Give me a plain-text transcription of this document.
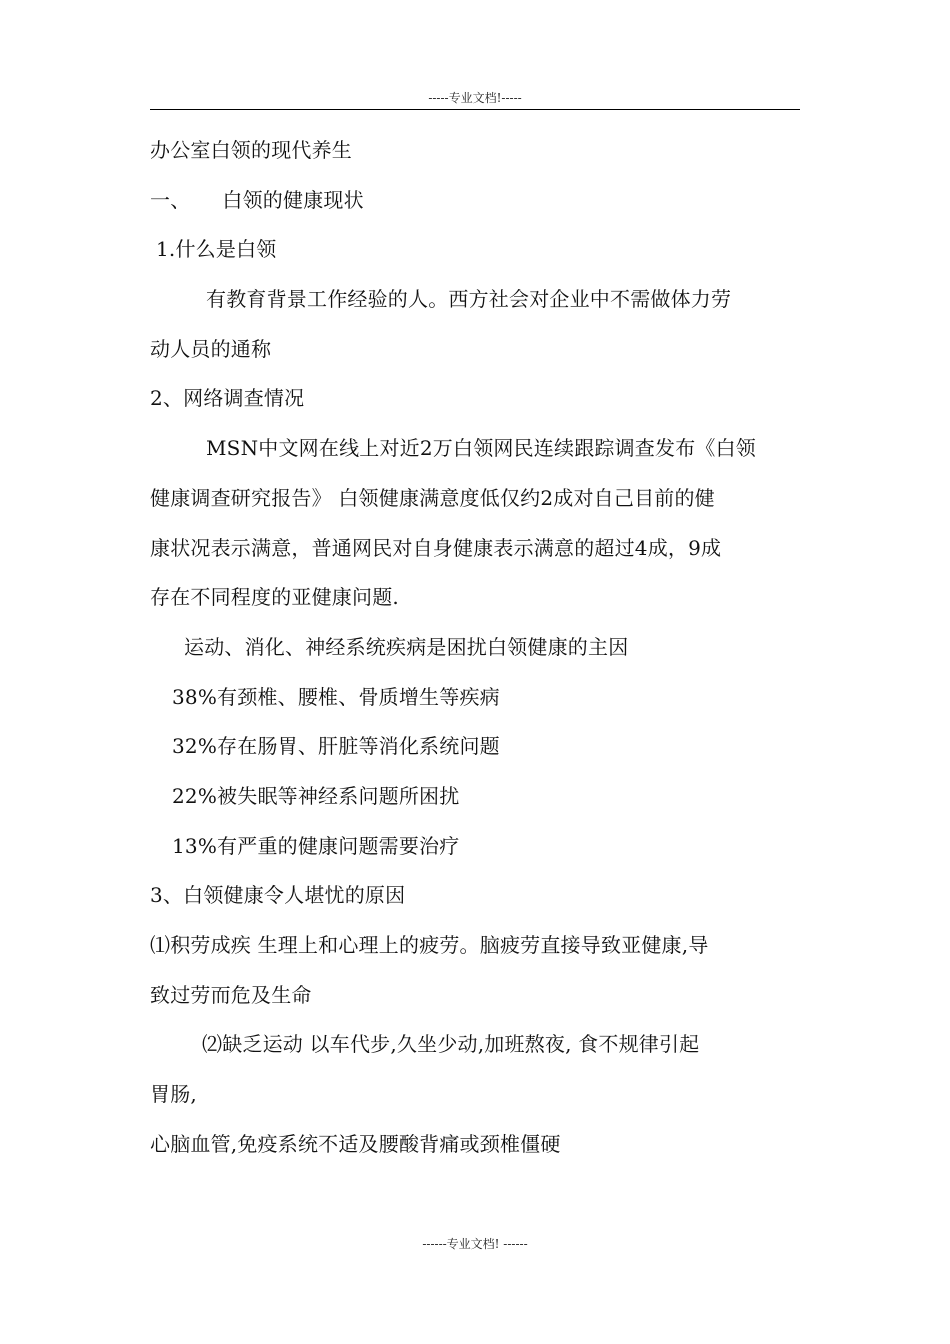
-----专业文档!-----
办公室白领的现代养生
一、 白领的健康现状
1.什么是白领
有教育背景工作经验的人。西方社会对企业中不需做体力劳
动人员的通称
2、网络调查情况
MSN中文网在线上对近2万白领网民连续跟踪调查发布《白领
健康调查研究报告》 白领健康满意度低仅约2成对自己目前的健
康状况表示满意，普通网民对自身健康表示满意的超过4成，9成
存在不同程度的亚健康问题.
运动、消化、神经系统疾病是困扰白领健康的主因
38%有颈椎、腰椎、骨质增生等疾病
32%存在肠胃、肝脏等消化系统问题
22%被失眠等神经系问题所困扰
13%有严重的健康问题需要治疗
3、白领健康令人堪忧的原因
⑴积劳成疾 生理上和心理上的疲劳。脑疲劳直接导致亚健康,导
致过劳而危及生命
⑵缺乏运动 以车代步,久坐少动,加班熬夜, 食不规律引起
胃肠,
心脑血管,免疫系统不适及腰酸背痛或颈椎僵硬
------专业文档! ------
